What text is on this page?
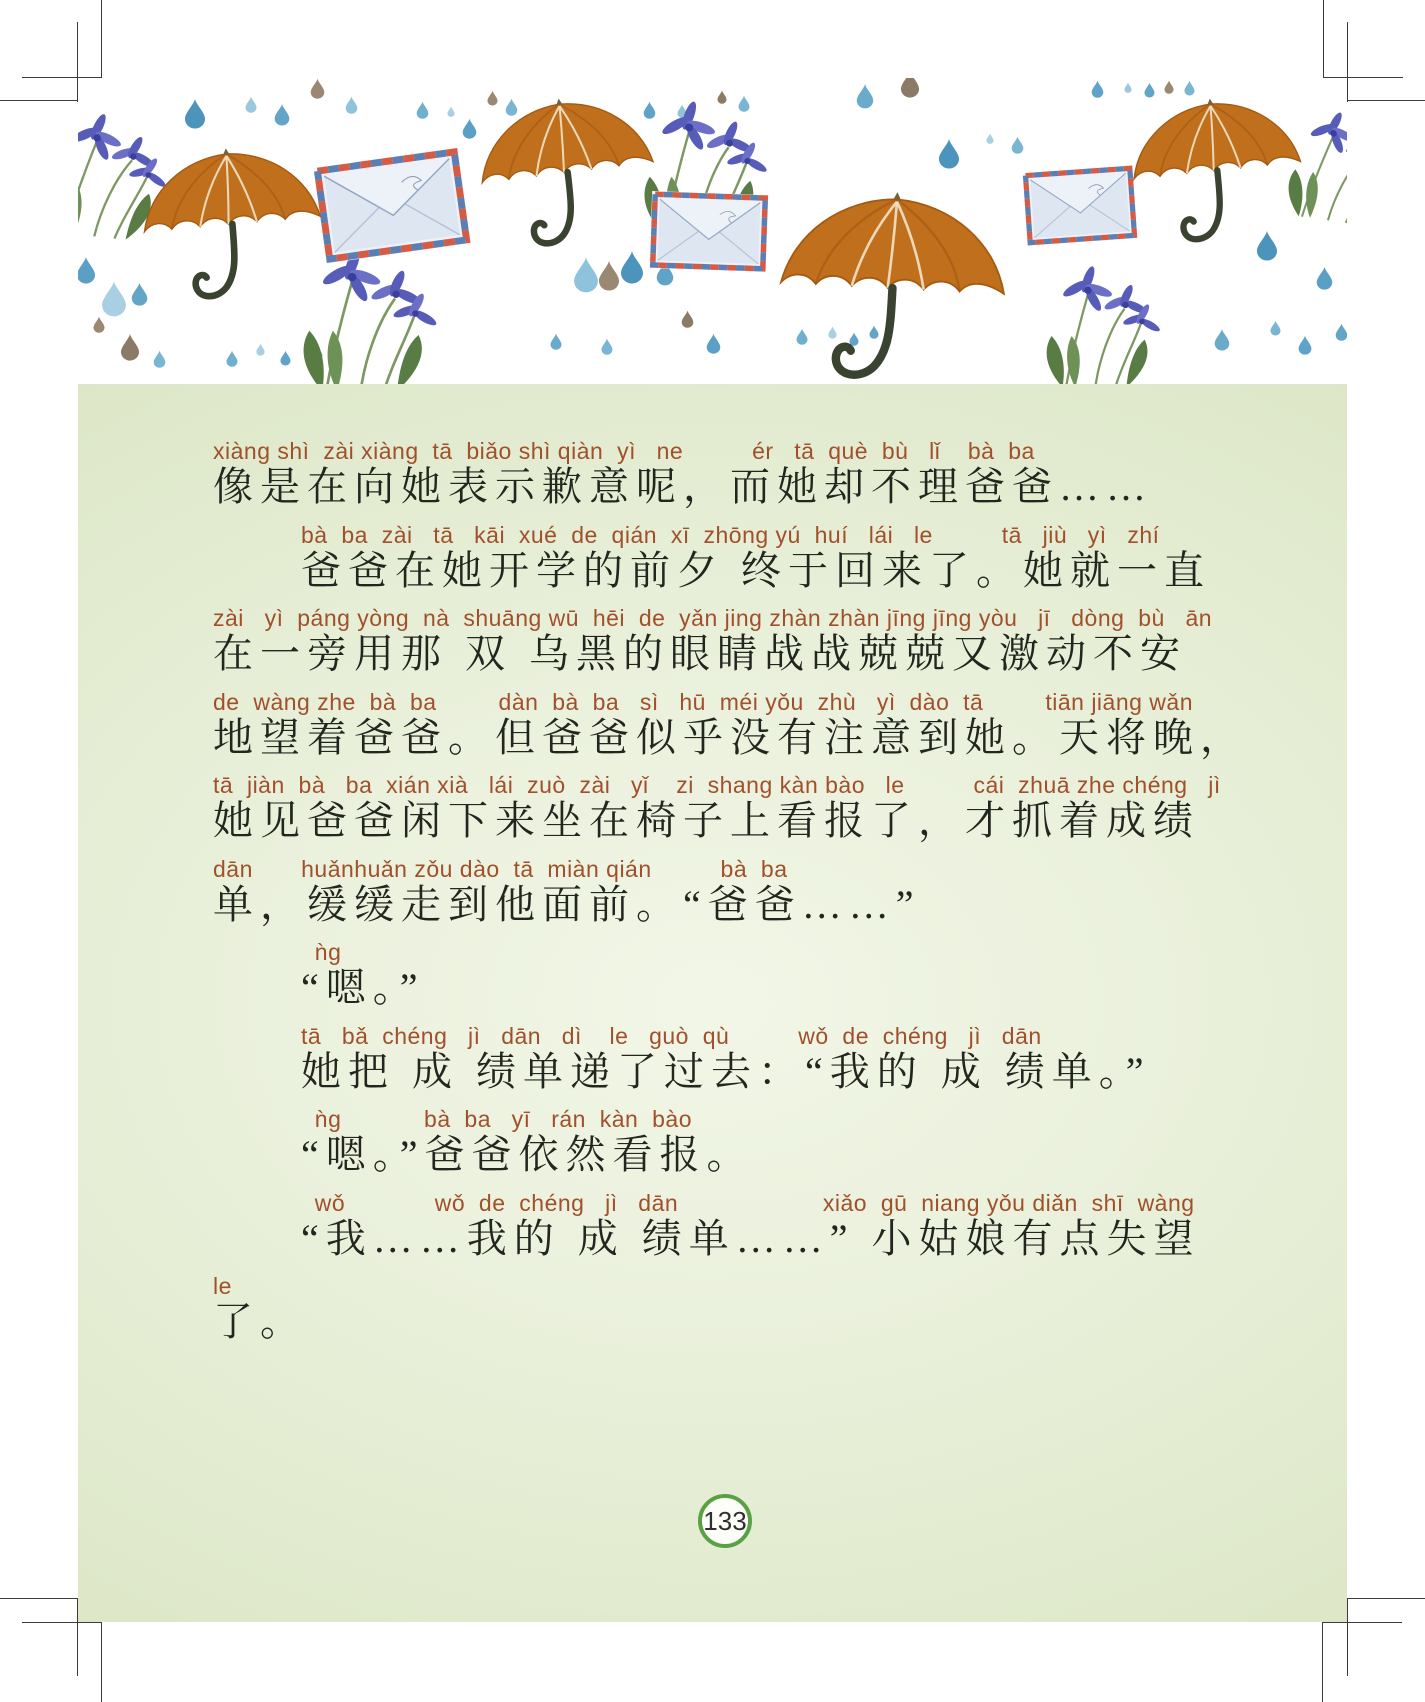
xiàng shì  zài xiàng  tā  biǎo shì qiàn  yì   ne          ér   tā  què  bù   lǐ    bà  ba
像是在向她表示歉意呢，而她却不理爸爸……
bà  ba  zài   tā   kāi  xué  de  qián  xī  zhōng yú  huí   lái   le          tā   jiù   yì   zhí
爸爸在她开学的前夕 终于回来了。她就一直
zài   yì  páng yòng  nà  shuāng wū  hēi  de  yǎn jing zhàn zhàn jīng jīng yòu   jī   dòng  bù   ān
在一旁用那 双 乌黑的眼睛战战兢兢又激动不安
de  wàng zhe  bà  ba         dàn  bà  ba   sì   hū  méi yǒu  zhù   yì  dào  tā         tiān jiāng wǎn
地望着爸爸。但爸爸似乎没有注意到她。天将晚，
tā  jiàn  bà   ba  xián xià   lái  zuò  zài   yǐ    zi  shang kàn bào   le          cái  zhuā zhe chéng   jì
她见爸爸闲下来坐在椅子上看报了，才抓着成绩
dān       huǎnhuǎn zǒu dào  tā  miàn qián          bà  ba
单，缓缓走到他面前。“爸爸……”
ǹg
“嗯。”
tā   bǎ  chéng   jì   dān   dì    le   guò  qù          wǒ  de  chéng   jì   dān
她把 成 绩单递了过去：“我的 成 绩单。”
ǹg            bà  ba   yī   rán  kàn  bào
“嗯。”爸爸依然看报。
wǒ             wǒ  de  chéng   jì   dān                     xiǎo  gū  niang yǒu diǎn  shī  wàng
“我……我的 成 绩单……” 小姑娘有点失望
le
了。
133
